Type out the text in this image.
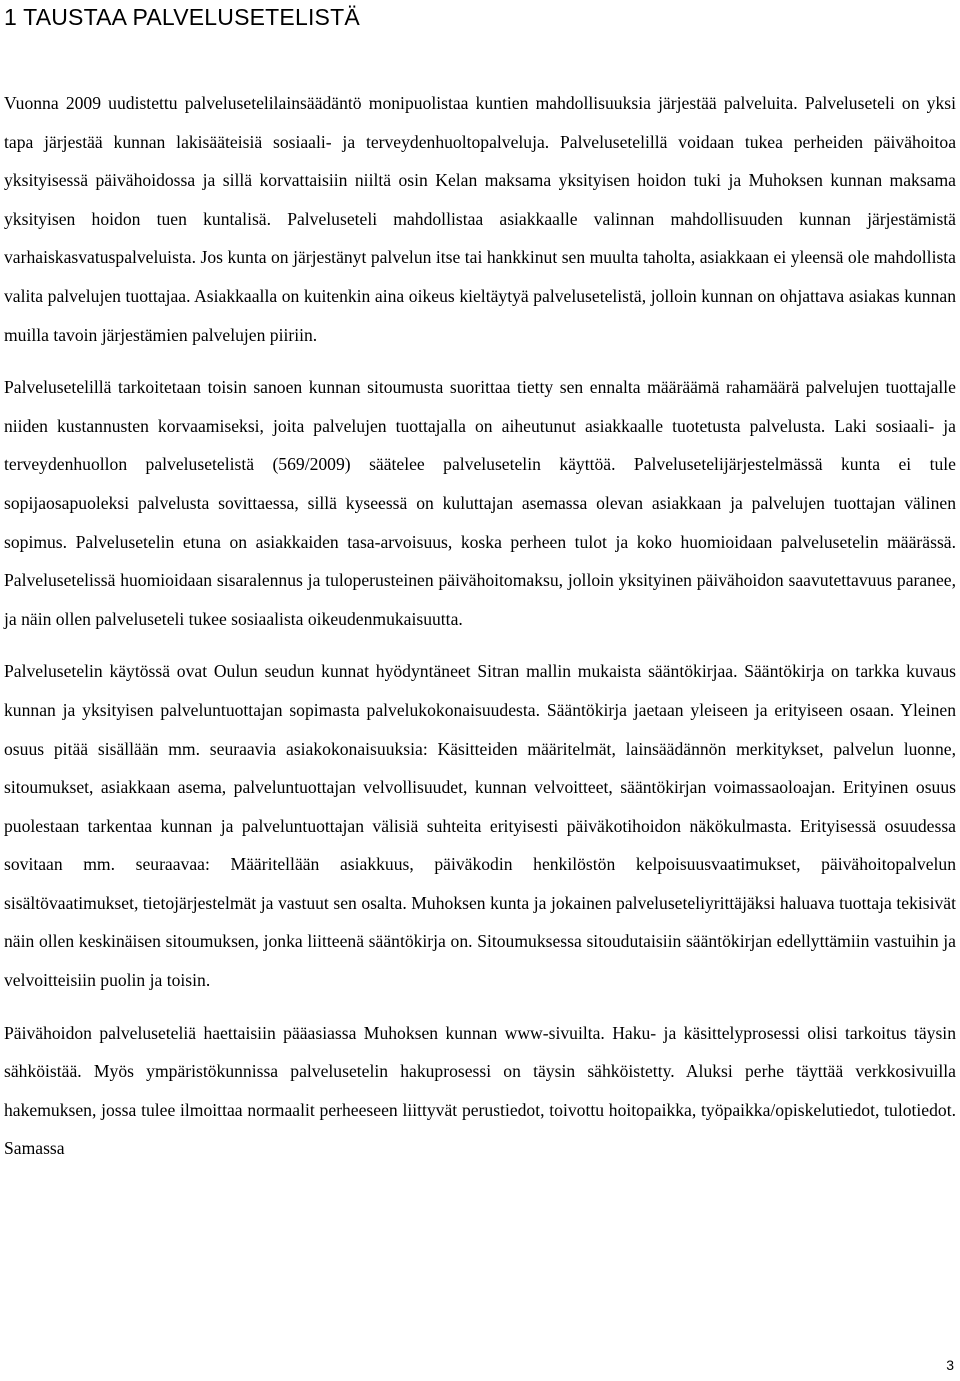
1 TAUSTAA PALVELUSETELISTÄ

Vuonna 2009 uudistettu palvelusetelilainsäädäntö monipuolistaa kuntien mahdollisuuksia järjestää palveluita. Palveluseteli on yksi tapa järjestää kunnan lakisääteisiä sosiaali- ja terveydenhuoltopalveluja. Palvelusetelillä voidaan tukea perheiden päivähoitoa yksityisessä päivähoidossa ja sillä korvattaisiin niiltä osin Kelan maksama yksityisen hoidon tuki ja Muhoksen kunnan maksama yksityisen hoidon tuen kuntalisä. Palveluseteli mahdollistaa asiakkaalle valinnan mahdollisuuden kunnan järjestämistä varhaiskasvatuspalveluista. Jos kunta on järjestänyt palvelun itse tai hankkinut sen muulta taholta, asiakkaan ei yleensä ole mahdollista valita palvelujen tuottajaa. Asiakkaalla on kuitenkin aina oikeus kieltäytyä palvelusetelistä, jolloin kunnan on ohjattava asiakas kunnan muilla tavoin järjestämien palvelujen piiriin.

Palvelusetelillä tarkoitetaan toisin sanoen kunnan sitoumusta suorittaa tietty sen ennalta määräämä rahamäärä palvelujen tuottajalle niiden kustannusten korvaamiseksi, joita palvelujen tuottajalla on aiheutunut asiakkaalle tuotetusta palvelusta. Laki sosiaali- ja terveydenhuollon palvelusetelistä (569/2009) säätelee palvelusetelin käyttöä. Palvelusetelijärjestelmässä kunta ei tule sopijaosapuoleksi palvelusta sovittaessa, sillä kyseessä on kuluttajan asemassa olevan asiakkaan ja palvelujen tuottajan välinen sopimus. Palvelusetelin etuna on asiakkaiden tasa-arvoisuus, koska perheen tulot ja koko huomioidaan palvelusetelin määrässä. Palvelusetelissä huomioidaan sisaralennus ja tuloperusteinen päivähoitomaksu, jolloin yksityinen päivähoidon saavutettavuus paranee, ja näin ollen palveluseteli tukee sosiaalista oikeudenmukaisuutta.

Palvelusetelin käytössä ovat Oulun seudun kunnat hyödyntäneet Sitran mallin mukaista sääntökirjaa. Sääntökirja on tarkka kuvaus kunnan ja yksityisen palveluntuottajan sopimasta palvelukokonaisuudesta. Sääntökirja jaetaan yleiseen ja erityiseen osaan. Yleinen osuus pitää sisällään mm. seuraavia asiakokonaisuuksia: Käsitteiden määritelmät, lainsäädännön merkitykset, palvelun luonne, sitoumukset, asiakkaan asema, palveluntuottajan velvollisuudet, kunnan velvoitteet, sääntökirjan voimassaoloajan. Erityinen osuus puolestaan tarkentaa kunnan ja palveluntuottajan välisiä suhteita erityisesti päiväkotihoidon näkökulmasta. Erityisessä osuudessa sovitaan mm. seuraavaa: Määritellään asiakkuus, päiväkodin henkilöstön kelpoisuusvaatimukset, päivähoitopalvelun sisältövaatimukset, tietojärjestelmät ja vastuut sen osalta. Muhoksen kunta ja jokainen palveluseteliyrittäjäksi haluava tuottaja tekisivät näin ollen keskinäisen sitoumuksen, jonka liitteenä sääntökirja on. Sitoumuksessa sitoudutaisiin sääntökirjan edellyttämiin vastuihin ja velvoitteisiin puolin ja toisin.

Päivähoidon palveluseteliä haettaisiin pääasiassa Muhoksen kunnan www-sivuilta. Haku- ja käsittelyprosessi olisi tarkoitus täysin sähköistää. Myös ympäristökunnissa palvelusetelin hakuprosessi on täysin sähköistetty. Aluksi perhe täyttää verkkosivuilla hakemuksen, jossa tulee ilmoittaa normaalit perheeseen liittyvät perustiedot, toivottu hoitopaikka, työpaikka/opiskelutiedot, tulotiedot. Samassa

3
